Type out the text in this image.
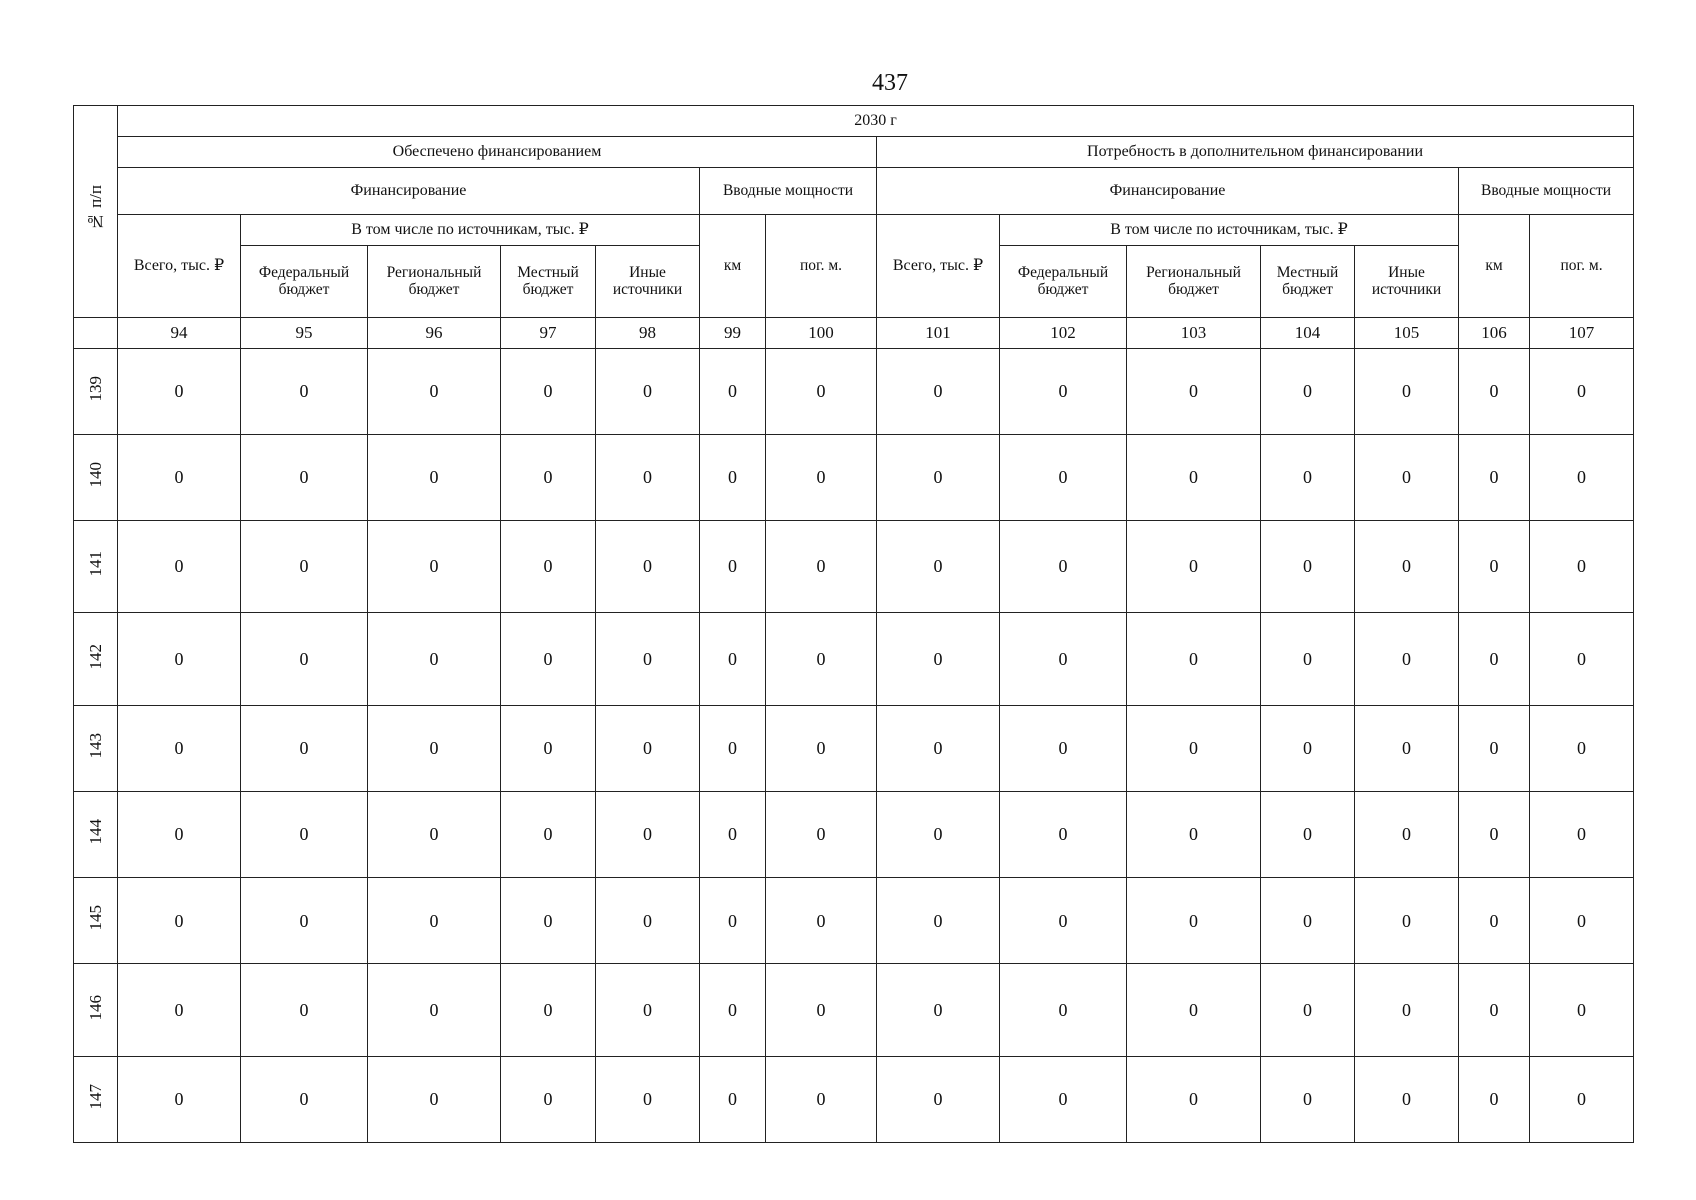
437
№ п/п	2030 г													
	Обеспечено финансированием							Потребность в дополнительном финансировании						
	Финансирование					Вводные мощности		Финансирование					Вводные мощности	
	Всего, тыс. ₽	В том числе по источникам, тыс. ₽				км	пог. м.	Всего, тыс. ₽	В том числе по источникам, тыс. ₽				км	пог. м.
		Федеральный бюджет	Региональный бюджет	Местный бюджет	Иные источники				Федеральный бюджет	Региональный бюджет	Местный бюджет	Иные источники		
	94	95	96	97	98	99	100	101	102	103	104	105	106	107
139	0	0	0	0	0	0	0	0	0	0	0	0	0	0
140	0	0	0	0	0	0	0	0	0	0	0	0	0	0
141	0	0	0	0	0	0	0	0	0	0	0	0	0	0
142	0	0	0	0	0	0	0	0	0	0	0	0	0	0
143	0	0	0	0	0	0	0	0	0	0	0	0	0	0
144	0	0	0	0	0	0	0	0	0	0	0	0	0	0
145	0	0	0	0	0	0	0	0	0	0	0	0	0	0
146	0	0	0	0	0	0	0	0	0	0	0	0	0	0
147	0	0	0	0	0	0	0	0	0	0	0	0	0	0
